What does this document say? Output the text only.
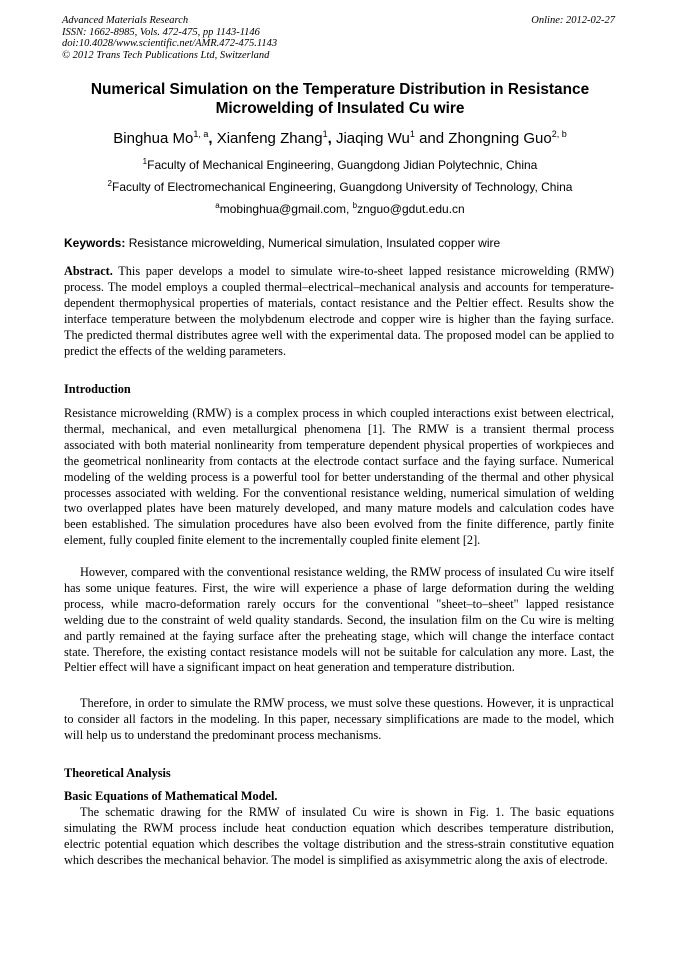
Advanced Materials Research
ISSN: 1662-8985, Vols. 472-475, pp 1143-1146
doi:10.4028/www.scientific.net/AMR.472-475.1143
© 2012 Trans Tech Publications Ltd, Switzerland
Online: 2012-02-27
Numerical Simulation on the Temperature Distribution in Resistance Microwelding of Insulated Cu wire
Binghua Mo$^{1, a}$, Xianfeng Zhang$^1$, Jiaqing Wu$^1$ and Zhongning Guo$^{2, b}$
$^1$Faculty of Mechanical Engineering, Guangdong Jidian Polytechnic, China
$^2$Faculty of Electromechanical Engineering, Guangdong University of Technology, China
$^a$mobinghua@gmail.com, $^b$znguo@gdut.edu.cn
Keywords: Resistance microwelding, Numerical simulation, Insulated copper wire
Abstract. This paper develops a model to simulate wire-to-sheet lapped resistance microwelding (RMW) process. The model employs a coupled thermal–electrical–mechanical analysis and accounts for temperature-dependent thermophysical properties of materials, contact resistance and the Peltier effect. Results show the interface temperature between the molybdenum electrode and copper wire is higher than the faying surface. The predicted thermal distributes agree well with the experimental data. The proposed model can be applied to predict the effects of the welding parameters.
Introduction
Resistance microwelding (RMW) is a complex process in which coupled interactions exist between electrical, thermal, mechanical, and even metallurgical phenomena [1]. The RMW is a transient thermal process associated with both material nonlinearity from temperature dependent physical properties of workpieces and the geometrical nonlinearity from contacts at the electrode contact surface and the faying surface. Numerical modeling of the welding process is a powerful tool for better understanding of the thermal and other physical processes associated with welding. For the conventional resistance welding, numerical simulation of welding two overlapped plates have been maturely developed, and many mature models and calculation codes have been established. The simulation procedures have also been evolved from the finite difference, partly finite element, fully coupled finite element to the incrementally coupled finite element [2].
However, compared with the conventional resistance welding, the RMW process of insulated Cu wire itself has some unique features. First, the wire will experience a phase of large deformation during the welding process, while macro-deformation rarely occurs for the conventional "sheet–to–sheet" lapped resistance welding due to the constraint of weld quality standards. Second, the insulation film on the Cu wire is melting and partly remained at the faying surface after the preheating stage, which will change the interface contact state. Therefore, the existing contact resistance models will not be suitable for calculation any more. Last, the Peltier effect will have a significant impact on heat generation and temperature distribution.
Therefore, in order to simulate the RMW process, we must solve these questions. However, it is unpractical to consider all factors in the modeling. In this paper, necessary simplifications are made to the model, which will help us to understand the predominant process mechanisms.
Theoretical Analysis
Basic Equations of Mathematical Model.
The schematic drawing for the RMW of insulated Cu wire is shown in Fig. 1. The basic equations simulating the RWM process include heat conduction equation which describes temperature distribution, electric potential equation which describes the voltage distribution and the stress-strain constitutive equation which describes the mechanical behavior. The model is simplified as axisymmetric along the axis of electrode.
